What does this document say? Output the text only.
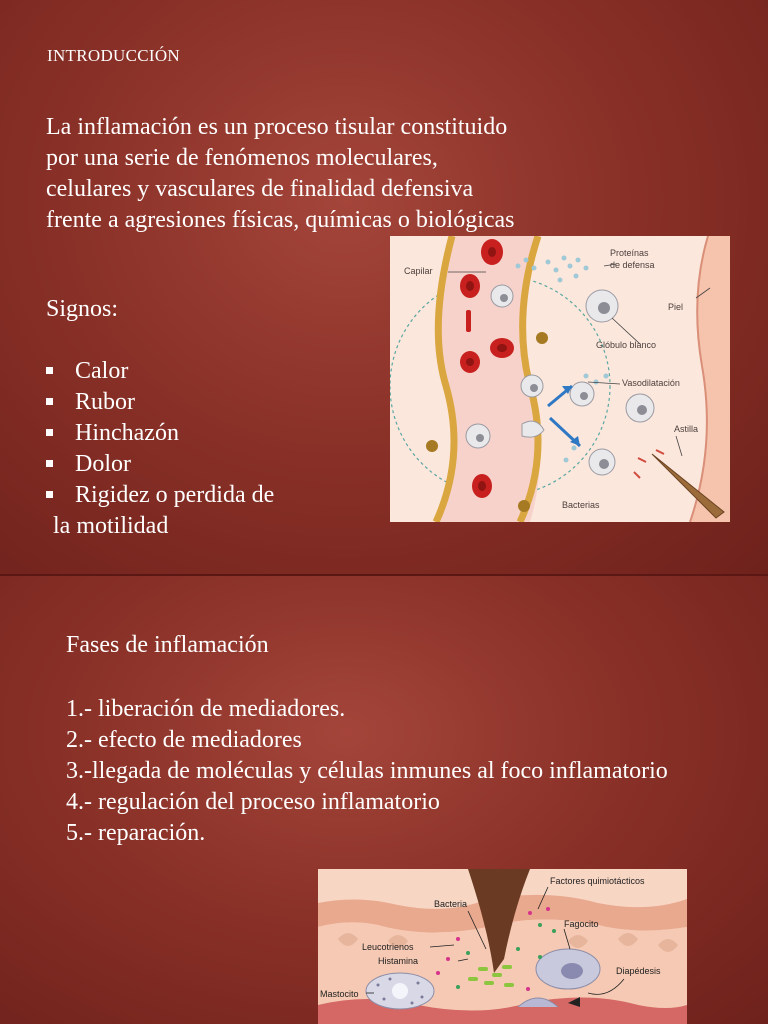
INTRODUCCIÓN

La inflamación es un proceso tisular constituido por una serie de fenómenos moleculares, celulares y vasculares de finalidad defensiva frente a agresiones físicas, químicas o biológicas

Signos:
Calor
Rubor
Hinchazón
Dolor
Rigidez o perdida de
la motilidad
Capilar
Proteínas
de defensa
Piel
Glóbulo blanco
Vasodilatación
Astilla
Bacterias
Fases de inflamación
1.- liberación de mediadores.
2.- efecto de mediadores
3.-llegada de moléculas y células inmunes al foco inflamatorio
4.- regulación del proceso inflamatorio
5.- reparación.
Factores quimiotácticos
Bacteria
Fagocito
Leucotrienos
Histamina
Diapédesis
Mastocito
